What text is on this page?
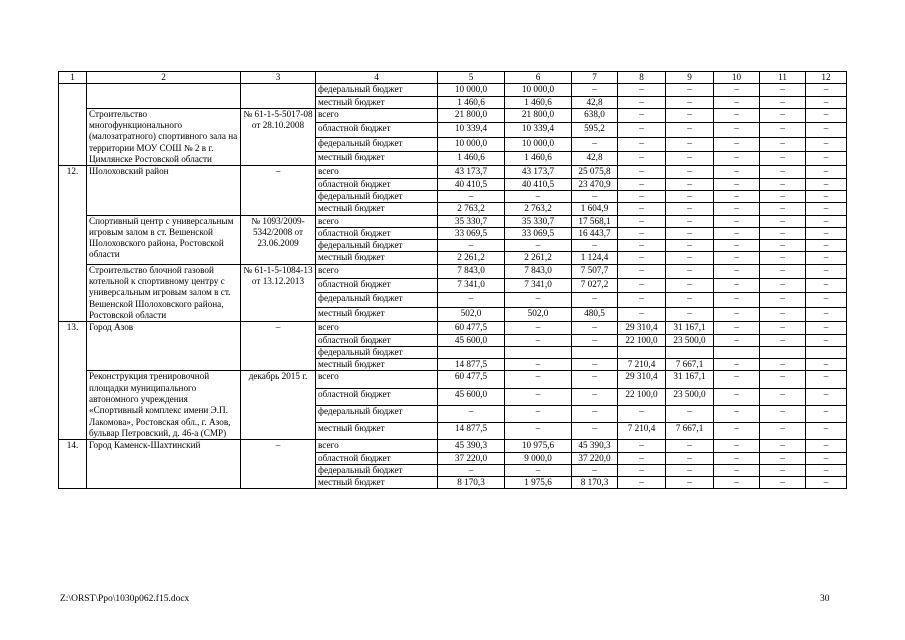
1	2	3	4	5	6	7	8	9	10	11	12
			федеральный бюджет	10 000,0	10 000,0	–	–	–	–	–	–
			местный бюджет	1 460,6	1 460,6	42,8	–	–	–	–	–
	Строительство многофункционального (малозатратного) спортивного зала на территории МОУ СОШ № 2 в г. Цимлянске Ростовской области	№ 61-1-5-5017-08 от 28.10.2008	всего	21 800,0	21 800,0	638,0	–	–	–	–	–
			областной бюджет	10 339,4	10 339,4	595,2	–	–	–	–	–
			федеральный бюджет	10 000,0	10 000,0	–	–	–	–	–	–
			местный бюджет	1 460,6	1 460,6	42,8	–	–	–	–	–
12.	Шолоховский район	–	всего	43 173,7	43 173,7	25 075,8	–	–	–	–	–
			областной бюджет	40 410,5	40 410,5	23 470,9	–	–	–	–	–
			федеральный бюджет	–	–	–	–	–	–	–	–
			местный бюджет	2 763,2	2 763,2	1 604,9	–	–	–	–	–
	Спортивный центр с универсальным игровым залом в ст. Вешенской Шолоховского района, Ростовской области	№ 1093/2009-5342/2008 от 23.06.2009	всего	35 330,7	35 330,7	17 568,1	–	–	–	–	–
			областной бюджет	33 069,5	33 069,5	16 443,7	–	–	–	–	–
			федеральный бюджет	–	–	–	–	–	–	–	–
			местный бюджет	2 261,2	2 261,2	1 124,4	–	–	–	–	–
	Строительство блочной газовой котельной к спортивному центру с универсальным игровым залом в ст. Вешенской Шолоховского района, Ростовской области	№ 61-1-5-1084-13 от 13.12.2013	всего	7 843,0	7 843,0	7 507,7	–	–	–	–	–
			областной бюджет	7 341,0	7 341,0	7 027,2	–	–	–	–	–
			федеральный бюджет	–	–	–	–	–	–	–	–
			местный бюджет	502,0	502,0	480,5	–	–	–	–	–
13.	Город Азов	–	всего	60 477,5	–	–	29 310,4	31 167,1	–	–	–
			областной бюджет	45 600,0	–	–	22 100,0	23 500,0	–	–	–
			федеральный бюджет								
			местный бюджет	14 877,5	–	–	7 210,4	7 667,1	–	–	–
	Реконструкция тренировочной площадки муниципального автономного учреждения «Спортивный комплекс имени Э.П. Лакомова», Ростовская обл., г. Азов, бульвар Петровский, д. 46-а (СМР)	декабрь 2015 г.	всего	60 477,5	–	–	29 310,4	31 167,1	–	–	–
			областной бюджет	45 600,0	–	–	22 100,0	23 500,0	–	–	–
			федеральный бюджет	–	–	–	–	–	–	–	–
			местный бюджет	14 877,5	–	–	7 210,4	7 667,1	–	–	–
14.	Город Каменск-Шахтинский	–	всего	45 390,3	10 975,6	45 390,3	–	–	–	–	–
			областной бюджет	37 220,0	9 000,0	37 220,0	–	–	–	–	–
			федеральный бюджет	–	–	–	–	–	–	–	–
			местный бюджет	8 170,3	1 975,6	8 170,3	–	–	–	–	–
Z:\ORST\Ppo\1030p062.f15.docx	30
